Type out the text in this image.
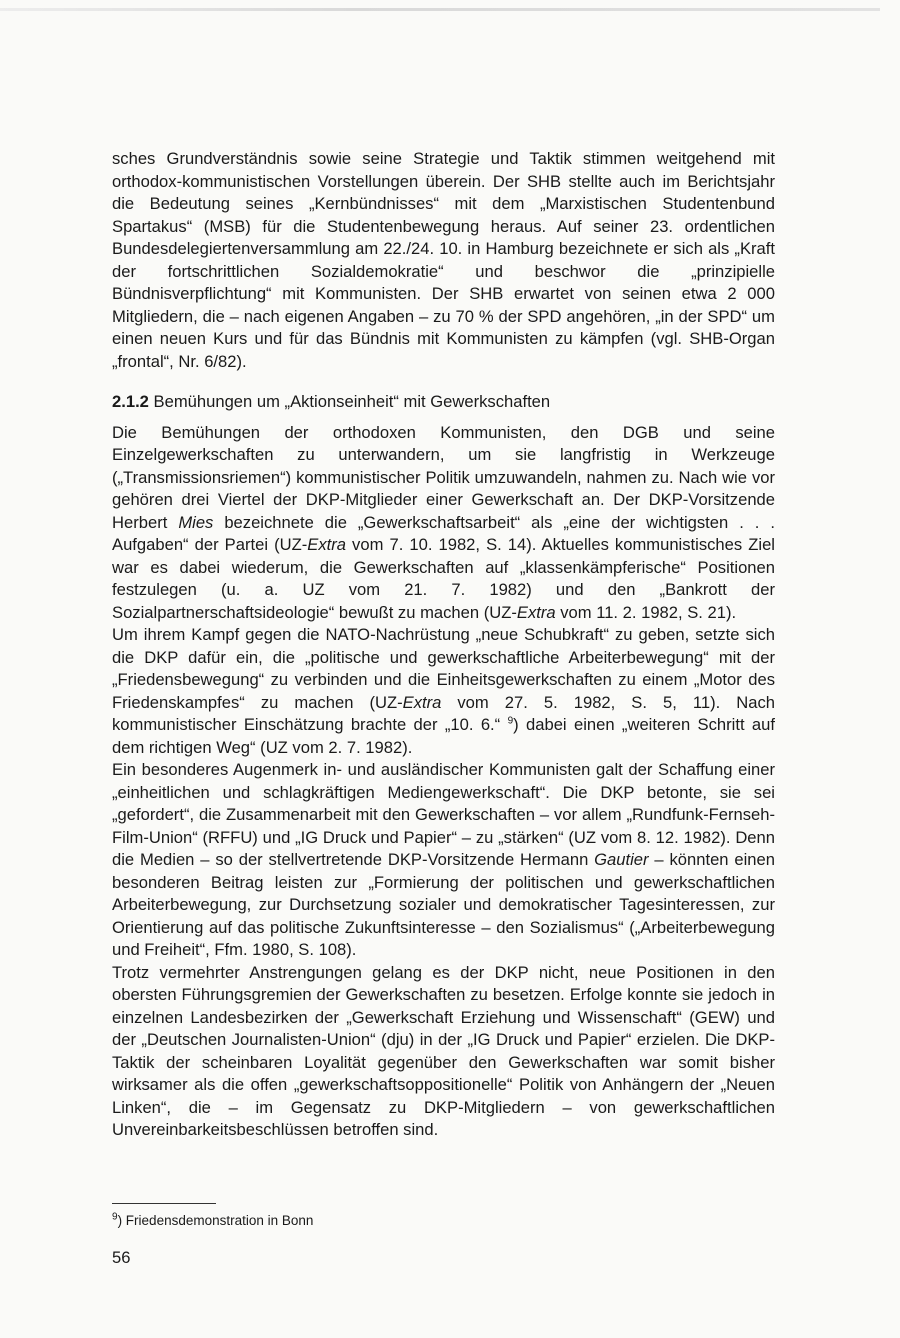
sches Grundverständnis sowie seine Strategie und Taktik stimmen weitgehend mit orthodox-kommunistischen Vorstellungen überein. Der SHB stellte auch im Berichtsjahr die Bedeutung seines „Kernbündnisses“ mit dem „Marxistischen Studentenbund Spartakus“ (MSB) für die Studentenbewegung heraus. Auf seiner 23. ordentlichen Bundesdelegiertenversammlung am 22./24. 10. in Hamburg bezeichnete er sich als „Kraft der fortschrittlichen Sozialdemokratie“ und beschwor die „prinzipielle Bündnisverpflichtung“ mit Kommunisten. Der SHB erwartet von seinen etwa 2 000 Mitgliedern, die – nach eigenen Angaben – zu 70 % der SPD angehören, „in der SPD“ um einen neuen Kurs und für das Bündnis mit Kommunisten zu kämpfen (vgl. SHB-Organ „frontal“, Nr. 6/82).

2.1.2 Bemühungen um „Aktionseinheit“ mit Gewerkschaften

Die Bemühungen der orthodoxen Kommunisten, den DGB und seine Einzelgewerkschaften zu unterwandern, um sie langfristig in Werkzeuge („Transmissionsriemen“) kommunistischer Politik umzuwandeln, nahmen zu. Nach wie vor gehören drei Viertel der DKP-Mitglieder einer Gewerkschaft an. Der DKP-Vorsitzende Herbert Mies bezeichnete die „Gewerkschaftsarbeit“ als „eine der wichtigsten . . . Aufgaben“ der Partei (UZ-Extra vom 7. 10. 1982, S. 14). Aktuelles kommunistisches Ziel war es dabei wiederum, die Gewerkschaften auf „klassenkämpferische“ Positionen festzulegen (u. a. UZ vom 21. 7. 1982) und den „Bankrott der Sozialpartnerschaftsideologie“ bewußt zu machen (UZ-Extra vom 11. 2. 1982, S. 21).

Um ihrem Kampf gegen die NATO-Nachrüstung „neue Schubkraft“ zu geben, setzte sich die DKP dafür ein, die „politische und gewerkschaftliche Arbeiterbewegung“ mit der „Friedensbewegung“ zu verbinden und die Einheitsgewerkschaften zu einem „Motor des Friedenskampfes“ zu machen (UZ-Extra vom 27. 5. 1982, S. 5, 11). Nach kommunistischer Einschätzung brachte der „10. 6.“ $^9$) dabei einen „weiteren Schritt auf dem richtigen Weg“ (UZ vom 2. 7. 1982).

Ein besonderes Augenmerk in- und ausländischer Kommunisten galt der Schaffung einer „einheitlichen und schlagkräftigen Mediengewerkschaft“. Die DKP betonte, sie sei „gefordert“, die Zusammenarbeit mit den Gewerkschaften – vor allem „Rundfunk-Fernseh-Film-Union“ (RFFU) und „IG Druck und Papier“ – zu „stärken“ (UZ vom 8. 12. 1982). Denn die Medien – so der stellvertretende DKP-Vorsitzende Hermann Gautier – könnten einen besonderen Beitrag leisten zur „Formierung der politischen und gewerkschaftlichen Arbeiterbewegung, zur Durchsetzung sozialer und demokratischer Tagesinteressen, zur Orientierung auf das politische Zukunftsinteresse – den Sozialismus“ („Arbeiterbewegung und Freiheit“, Ffm. 1980, S. 108).

Trotz vermehrter Anstrengungen gelang es der DKP nicht, neue Positionen in den obersten Führungsgremien der Gewerkschaften zu besetzen. Erfolge konnte sie jedoch in einzelnen Landesbezirken der „Gewerkschaft Erziehung und Wissenschaft“ (GEW) und der „Deutschen Journalisten-Union“ (dju) in der „IG Druck und Papier“ erzielen. Die DKP-Taktik der scheinbaren Loyalität gegenüber den Gewerkschaften war somit bisher wirksamer als die offen „gewerkschaftsoppositionelle“ Politik von Anhängern der „Neuen Linken“, die – im Gegensatz zu DKP-Mitgliedern – von gewerkschaftlichen Unvereinbarkeitsbeschlüssen betroffen sind.

$^9$) Friedensdemonstration in Bonn
56
